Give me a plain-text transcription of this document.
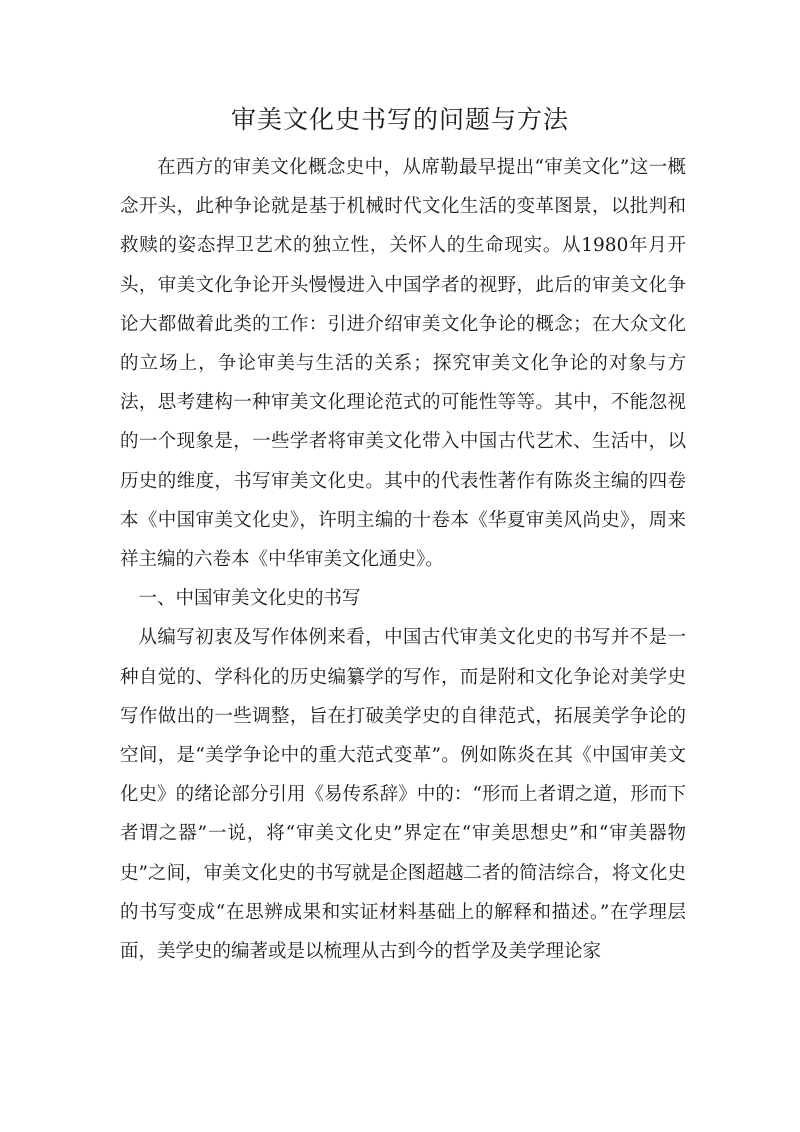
审美文化史书写的问题与方法

在西方的审美文化概念史中，从席勒最早提出“审美文化”这一概念开头，此种争论就是基于机械时代文化生活的变革图景，以批判和救赎的姿态捍卫艺术的独立性，关怀人的生命现实。从1980年月开头，审美文化争论开头慢慢进入中国学者的视野，此后的审美文化争论大都做着此类的工作：引进介绍审美文化争论的概念；在大众文化的立场上，争论审美与生活的关系；探究审美文化争论的对象与方法，思考建构一种审美文化理论范式的可能性等等。其中，不能忽视的一个现象是，一些学者将审美文化带入中国古代艺术、生活中，以历史的维度，书写审美文化史。其中的代表性著作有陈炎主编的四卷本《中国审美文化史》，许明主编的十卷本《华夏审美风尚史》，周来祥主编的六卷本《中华审美文化通史》。

一、中国审美文化史的书写

从编写初衷及写作体例来看，中国古代审美文化史的书写并不是一种自觉的、学科化的历史编纂学的写作，而是附和文化争论对美学史写作做出的一些调整，旨在打破美学史的自律范式，拓展美学争论的空间，是“美学争论中的重大范式变革”。例如陈炎在其《中国审美文化史》的绪论部分引用《易传系辞》中的：“形而上者谓之道，形而下者谓之器”一说，将“审美文化史”界定在“审美思想史”和“审美器物史”之间，审美文化史的书写就是企图超越二者的简洁综合，将文化史的书写变成“在思辨成果和实证材料基础上的解释和描述。”在学理层面，美学史的编著或是以梳理从古到今的哲学及美学理论家
